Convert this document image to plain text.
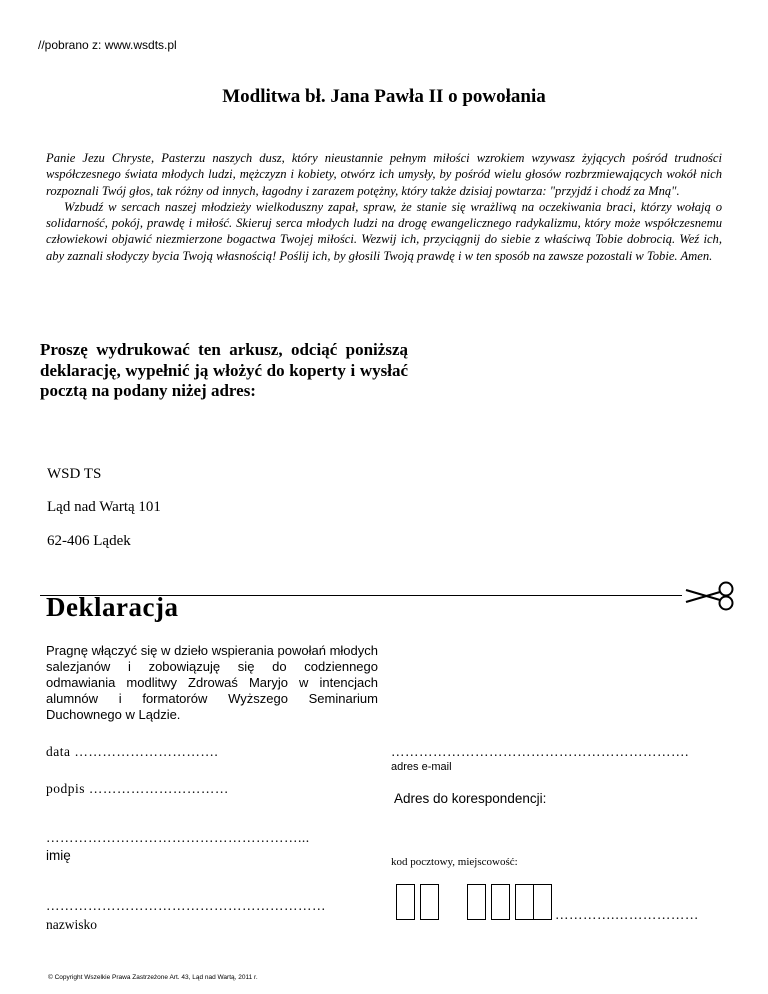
//pobrano z: www.wsdts.pl
Modlitwa bł. Jana Pawła II o powołania

Panie Jezu Chryste, Pasterzu naszych dusz, który nieustannie pełnym miłości wzrokiem wzywasz żyjących pośród trudności współczesnego świata młodych ludzi, mężczyzn i kobiety, otwórz ich umysły, by pośród wielu głosów rozbrzmiewających wokół nich rozpoznali Twój głos, tak różny od innych, łagodny i zarazem potężny, który także dzisiaj powtarza: "przyjdź i chodź za Mną".

Wzbudź w sercach naszej młodzieży wielkoduszny zapał, spraw, że stanie się wrażliwą na oczekiwania braci, którzy wołają o solidarność, pokój, prawdę i miłość. Skieruj serca młodych ludzi na drogę ewangelicznego radykalizmu, który może współczesnemu człowiekowi objawić niezmierzone bogactwa Twojej miłości. Wezwij ich, przyciągnij do siebie z właściwą Tobie dobrocią. Weź ich, aby zaznali słodyczy bycia Twoją własnością! Poślij ich, by głosili Twoją prawdę i w ten sposób na zawsze pozostali w Tobie. Amen.

Proszę wydrukować ten arkusz, odciąć poniższą deklarację, wypełnić ją włożyć do koperty i wysłać pocztą na podany niżej adres:
WSD TS
Ląd nad Wartą 101
62-406 Lądek
Deklaracja
Pragnę włączyć się w dzieło wspierania powołań młodych salezjanów i zobowiązuję się do codziennego odmawiania modlitwy Zdrowaś Maryjo w intencjach alumnów i formatorów Wyższego Seminarium Duchownego w Lądzie.
data ………………………….
podpis …………………………
………………………………………………...
imię
……………………………………………………
nazwisko
……………………………………………………….
adres e-mail
Adres do korespondencji:
kod pocztowy, miejscowość:
………….………………
© Copyright Wszelkie Prawa Zastrzeżone Art. 43, Ląd nad Wartą, 2011 r.
